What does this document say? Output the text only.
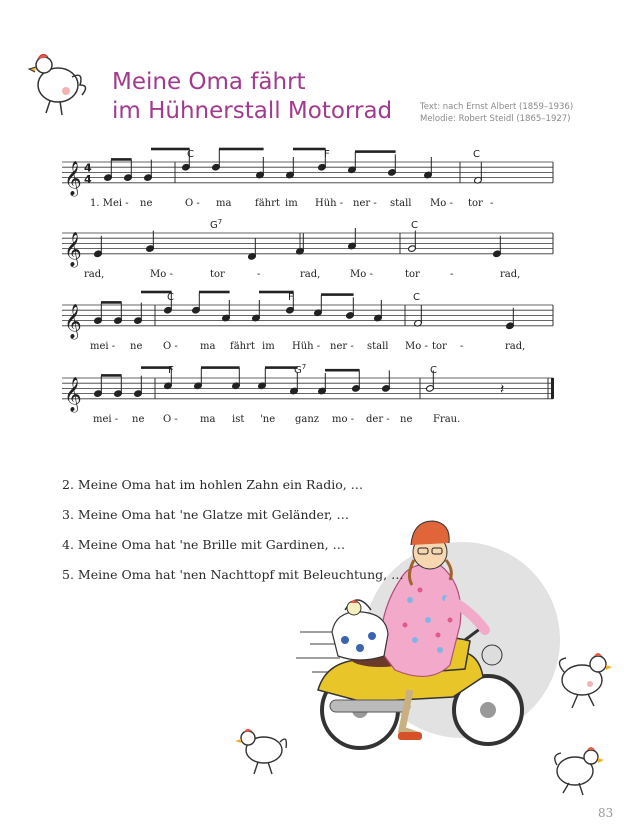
Meine Oma fährt
im Hühnerstall Motorrad	Text: nach Ernst Albert (1859–1936)
Melodie: Robert Steidl (1865–1927)
𝄞 4
4
C	F	C
1. Mei - ne	O - ma fährt im Hüh - ner - stall Mo - tor -
𝄞
$G^7$	C
rad,	Mo -	tor	-	rad,	Mo -	tor	-	rad,
𝄞
C	F	C
mei - ne O - ma fährt im Hüh - ner - stall Mo - tor -	rad,
𝄞	𝄽
F	$G^7$	C
mei - ne O - ma ist 'ne ganz mo - der - ne Frau.
2. Meine Oma hat im hohlen Zahn ein Radio, …
3. Meine Oma hat 'ne Glatze mit Geländer, …
4. Meine Oma hat 'ne Brille mit Gardinen, …
5. Meine Oma hat 'nen Nachttopf mit Beleuchtung, …
83
